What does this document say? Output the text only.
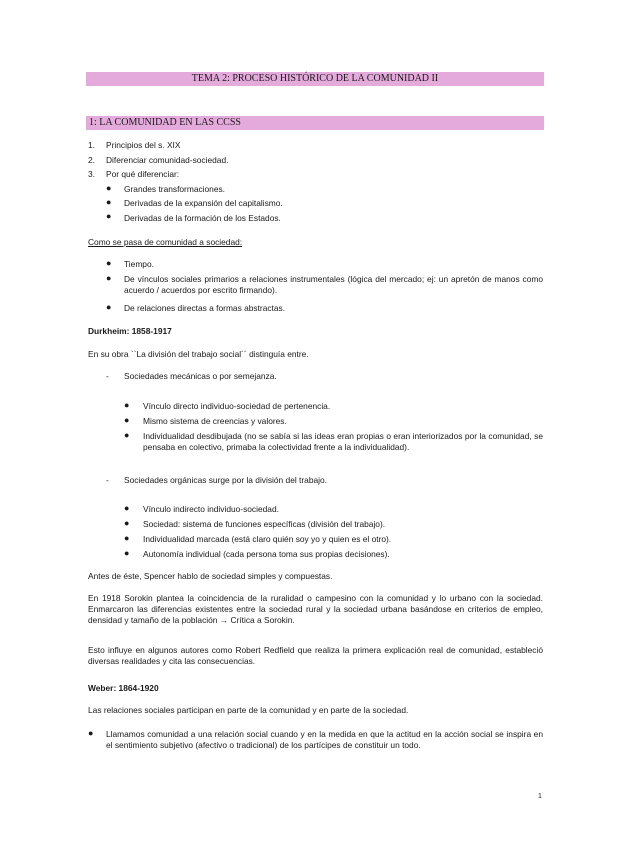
TEMA 2: PROCESO HISTÓRICO DE LA COMUNIDAD II
1: LA COMUNIDAD EN LAS CCSS
1. Principios del s. XIX
2. Diferenciar comunidad-sociedad.
3. Por qué diferenciar:
● Grandes transformaciones.
● Derivadas de la expansión del capitalismo.
● Derivadas de la formación de los Estados.
Como se pasa de comunidad a sociedad:
● Tiempo.
● De vínculos sociales primarios a relaciones instrumentales (lógica del mercado; ej: un apretón de manos como acuerdo / acuerdos por escrito firmando).
● De relaciones directas a formas abstractas.
Durkheim: 1858-1917
En su obra ``La división del trabajo social´´ distinguía entre.
- Sociedades mecánicas o por semejanza.
● Vínculo directo individuo-sociedad de pertenencia.
● Mismo sistema de creencias y valores.
● Individualidad desdibujada (no se sabía si las ideas eran propias o eran interiorizados por la comunidad, se pensaba en colectivo, primaba la colectividad frente a la individualidad).
- Sociedades orgánicas surge por la división del trabajo.
● Vínculo indirecto individuo-sociedad.
● Sociedad: sistema de funciones específicas (división del trabajo).
● Individualidad marcada (está claro quién soy yo y quien es el otro).
● Autonomía individual (cada persona toma sus propias decisiones).
Antes de éste, Spencer hablo de sociedad simples y compuestas.
En 1918 Sorokin plantea la coincidencia de la ruralidad o campesino con la comunidad y lo urbano con la sociedad. Enmarcaron las diferencias existentes entre la sociedad rural y la sociedad urbana basándose en criterios de empleo, densidad y tamaño de la población → Crítica a Sorokin.
Esto influye en algunos autores como Robert Redfield que realiza la primera explicación real de comunidad, estableció diversas realidades y cita las consecuencias.
Weber: 1864-1920
Las relaciones sociales participan en parte de la comunidad y en parte de la sociedad.
● Llamamos comunidad a una relación social cuando y en la medida en que la actitud en la acción social se inspira en el sentimiento subjetivo (afectivo o tradicional) de los partícipes de constituir un todo.
1
